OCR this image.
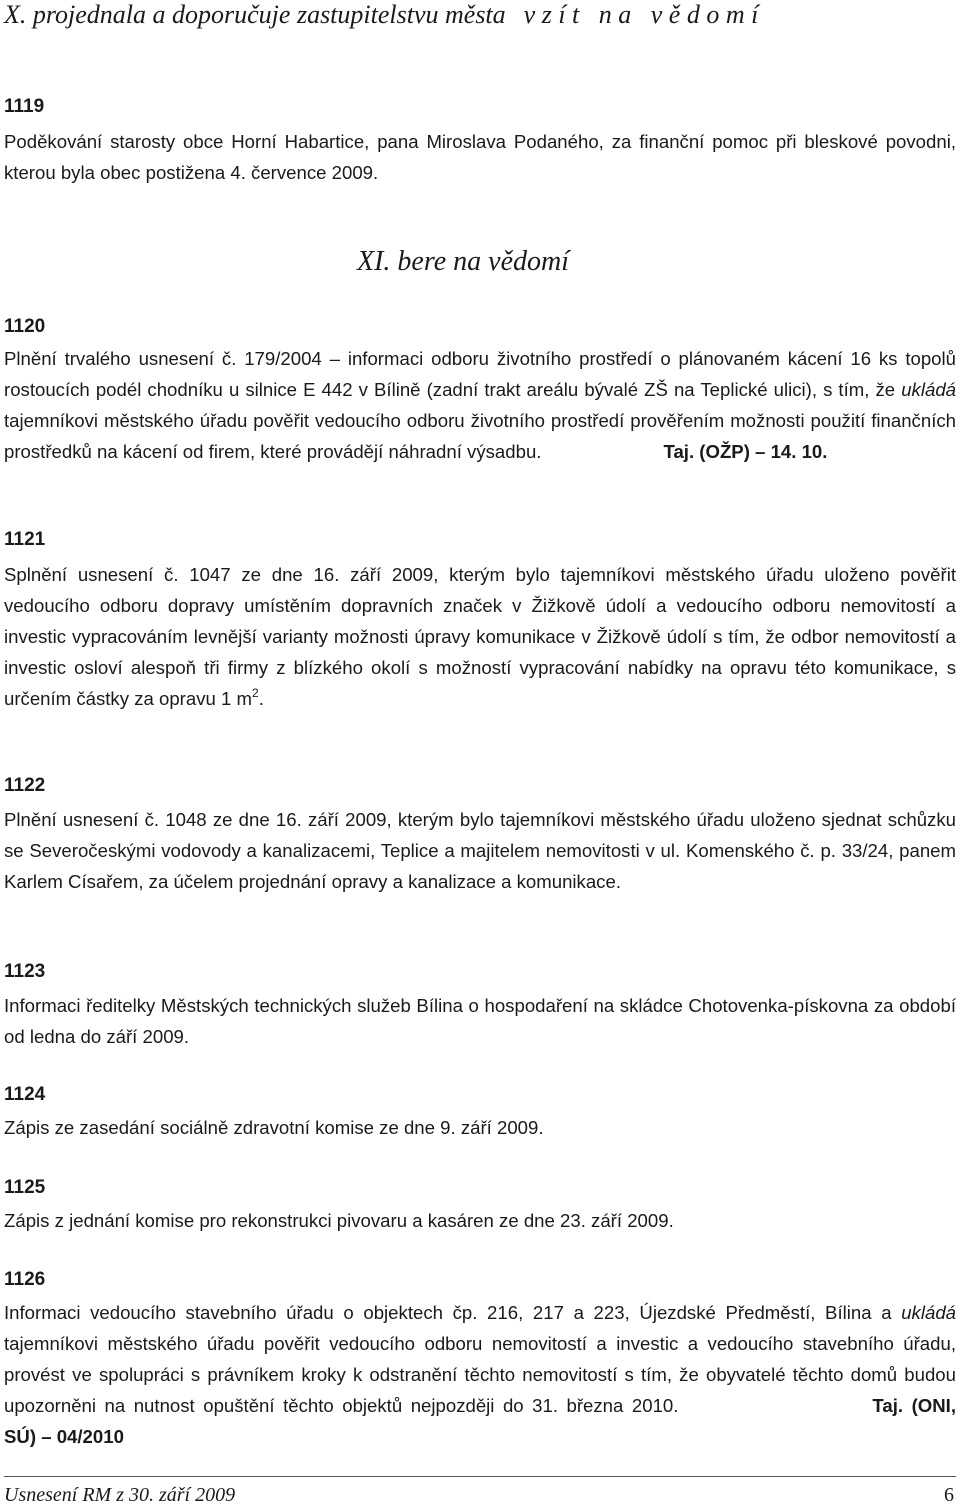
X. projednala a doporučuje zastupitelstvu města vzít na vědomí
1119
Poděkování starosty obce Horní Habartice, pana Miroslava Podaného, za finanční pomoc při bleskové povodni, kterou byla obec postižena 4. července 2009.
XI. bere na vědomí
1120
Plnění trvalého usnesení č. 179/2004 – informaci odboru životního prostředí o plánovaném kácení 16 ks topolů rostoucích podél chodníku u silnice E 442 v Bílině (zadní trakt areálu bývalé ZŠ na Teplické ulici), s tím, že ukládá tajemníkovi městského úřadu pověřit vedoucího odboru životního prostředí prověřením možnosti použití finančních prostředků na kácení od firem, které provádějí náhradní výsadbu.	Taj. (OŽP) – 14. 10.
1121
Splnění usnesení č. 1047 ze dne 16. září 2009, kterým bylo tajemníkovi městského úřadu uloženo pověřit vedoucího odboru dopravy umístěním dopravních značek v Žižkově údolí a vedoucího odboru nemovitostí a investic vypracováním levnější varianty možnosti úpravy komunikace v Žižkově údolí s tím, že odbor nemovitostí a investic osloví alespoň tři firmy z blízkého okolí s možností vypracování nabídky na opravu této komunikace, s určením částky za opravu 1 $m^2$.
1122
Plnění usnesení č. 1048 ze dne 16. září 2009, kterým bylo tajemníkovi městského úřadu uloženo sjednat schůzku se Severočeskými vodovody a kanalizacemi, Teplice a majitelem nemovitosti v ul. Komenského č. p. 33/24, panem Karlem Císařem, za účelem projednání opravy a kanalizace a komunikace.
1123
Informaci ředitelky Městských technických služeb Bílina o hospodaření na skládce Chotovenka-pískovna za období od ledna do září 2009.
1124
Zápis ze zasedání sociálně zdravotní komise ze dne 9. září 2009.
1125
Zápis z jednání komise pro rekonstrukci pivovaru a kasáren ze dne 23. září 2009.
1126
Informaci vedoucího stavebního úřadu o objektech čp. 216, 217 a 223, Újezdské Předměstí, Bílina a ukládá tajemníkovi městského úřadu pověřit vedoucího odboru nemovitostí a investic a vedoucího stavebního úřadu, provést ve spolupráci s právníkem kroky k odstranění těchto nemovitostí s tím, že obyvatelé těchto domů budou upozorněni na nutnost opuštění těchto objektů nejpozději do 31. března 2010.	Taj. (ONI, SÚ) – 04/2010
Usnesení RM z 30. září 2009	6
